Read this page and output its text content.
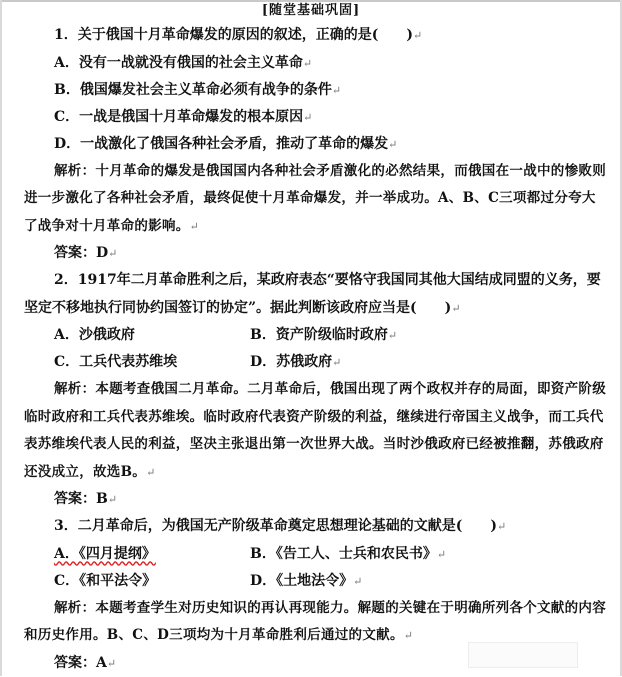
[随堂基础巩固]

1．关于俄国十月革命爆发的原因的叙述，正确的是(　　)↵

A．没有一战就没有俄国的社会主义革命↵

B．俄国爆发社会主义革命必须有战争的条件↵

C．一战是俄国十月革命爆发的根本原因↵

D．一战激化了俄国各种社会矛盾，推动了革命的爆发↵

解析：十月革命的爆发是俄国国内各种社会矛盾激化的必然结果，而俄国在一战中的惨败则进一步激化了各种社会矛盾，最终促使十月革命爆发，并一举成功。A、B、C三项都过分夸大了战争对十月革命的影响。↵

答案：D↵

2．1917年二月革命胜利之后，某政府表态“要恪守我国同其他大国结成同盟的义务，要坚定不移地执行同协约国签订的协定”。据此判断该政府应当是(　　)↵

A．沙俄政府	B．资产阶级临时政府 ↵
C．工兵代表苏维埃	D．苏俄政府 ↵

解析：本题考查俄国二月革命。二月革命后，俄国出现了两个政权并存的局面，即资产阶级临时政府和工兵代表苏维埃。临时政府代表资产阶级的利益，继续进行帝国主义战争，而工兵代表苏维埃代表人民的利益，坚决主张退出第一次世界大战。当时沙俄政府已经被推翻，苏俄政府还没成立，故选B。↵

答案：B↵

3．二月革命后，为俄国无产阶级革命奠定思想理论基础的文献是(　　)↵

A．《四月提纲》	B．《告工人、士兵和农民书》 ↵
C．《和平法令》	D．《土地法令》 ↵

解析：本题考查学生对历史知识的再认再现能力。解题的关键在于明确所列各个文献的内容和历史作用。B、C、D三项均为十月革命胜利后通过的文献。↵

答案：A↵
